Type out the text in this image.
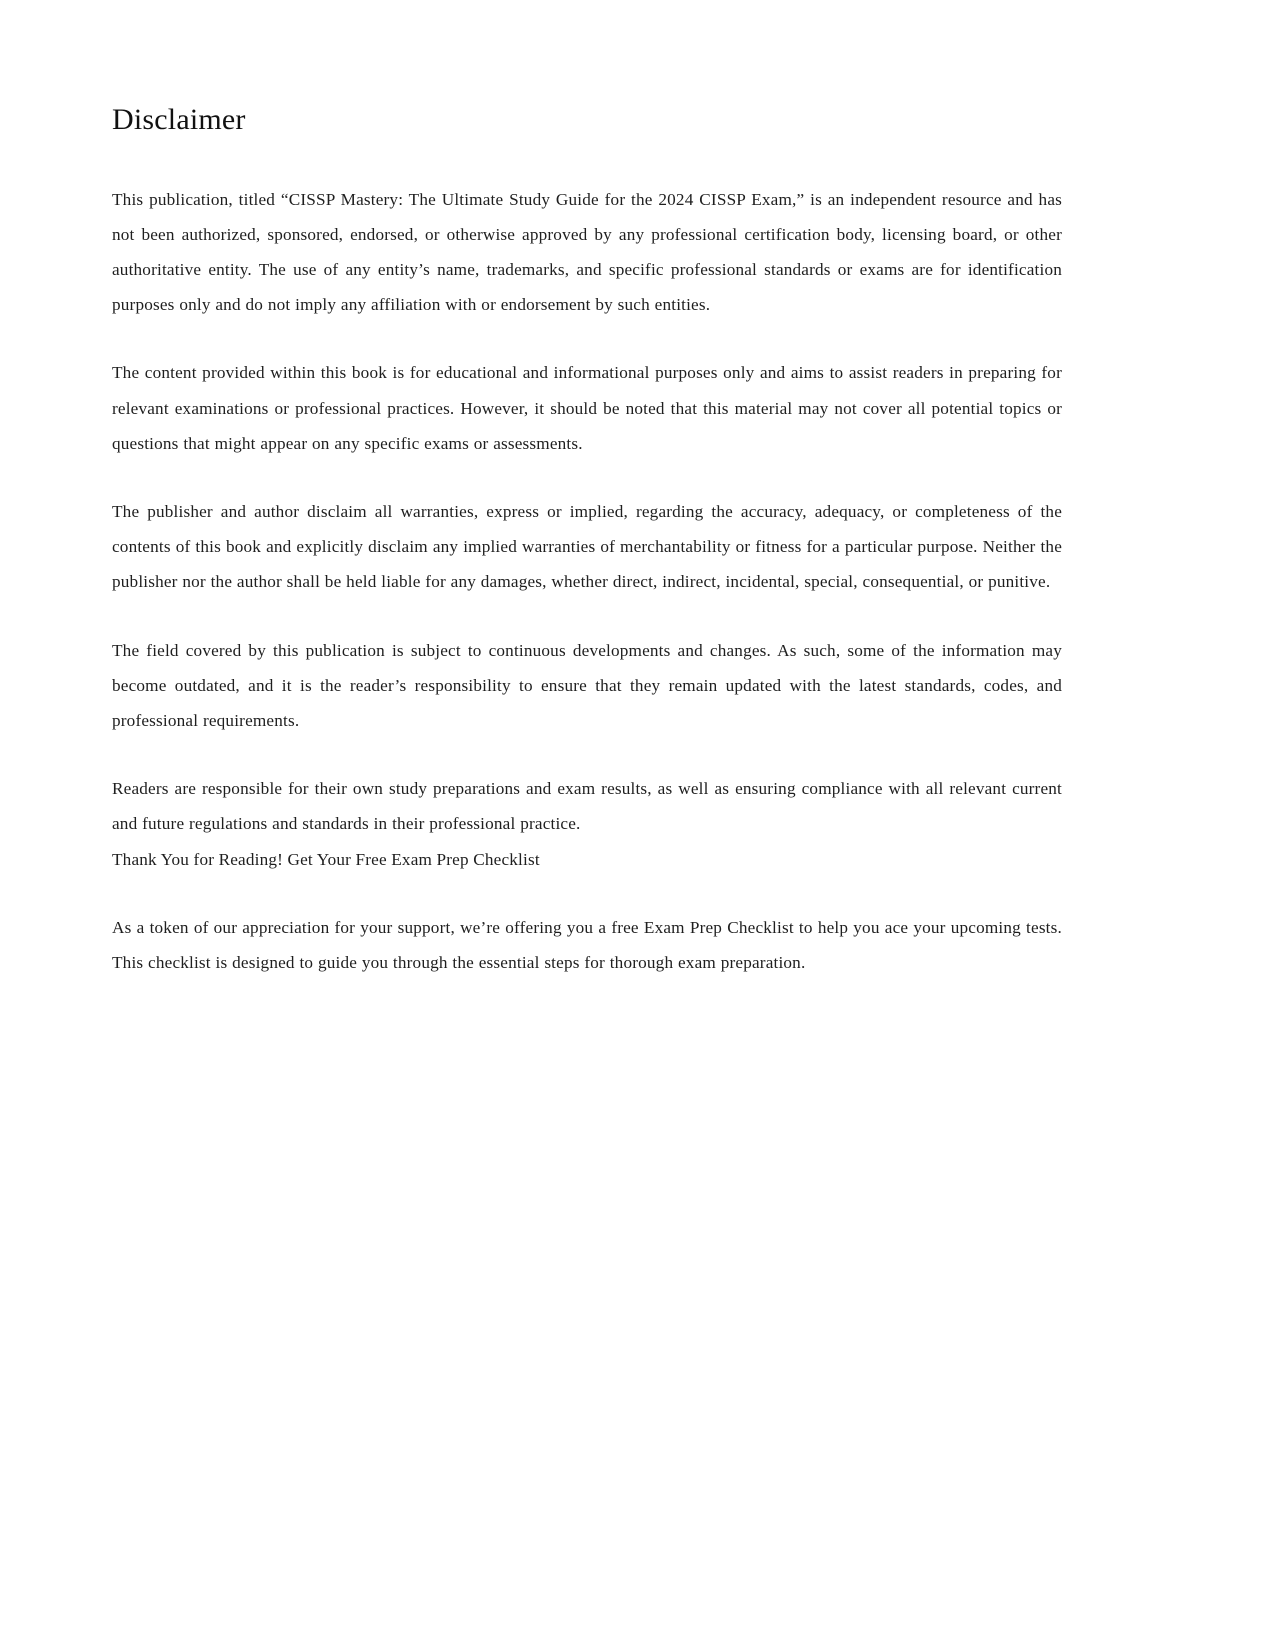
Disclaimer

This publication, titled “CISSP Mastery: The Ultimate Study Guide for the 2024 CISSP Exam,” is an independent resource and has not been authorized, sponsored, endorsed, or otherwise approved by any professional certification body, licensing board, or other authoritative entity. The use of any entity’s name, trademarks, and specific professional standards or exams are for identification purposes only and do not imply any affiliation with or endorsement by such entities.

The content provided within this book is for educational and informational purposes only and aims to assist readers in preparing for relevant examinations or professional practices. However, it should be noted that this material may not cover all potential topics or questions that might appear on any specific exams or assessments.

The publisher and author disclaim all warranties, express or implied, regarding the accuracy, adequacy, or completeness of the contents of this book and explicitly disclaim any implied warranties of merchantability or fitness for a particular purpose. Neither the publisher nor the author shall be held liable for any damages, whether direct, indirect, incidental, special, consequential, or punitive.

The field covered by this publication is subject to continuous developments and changes. As such, some of the information may become outdated, and it is the reader’s responsibility to ensure that they remain updated with the latest standards, codes, and professional requirements.

Readers are responsible for their own study preparations and exam results, as well as ensuring compliance with all relevant current and future regulations and standards in their professional practice.

Thank You for Reading! Get Your Free Exam Prep Checklist

As a token of our appreciation for your support, we’re offering you a free Exam Prep Checklist to help you ace your upcoming tests. This checklist is designed to guide you through the essential steps for thorough exam preparation.
